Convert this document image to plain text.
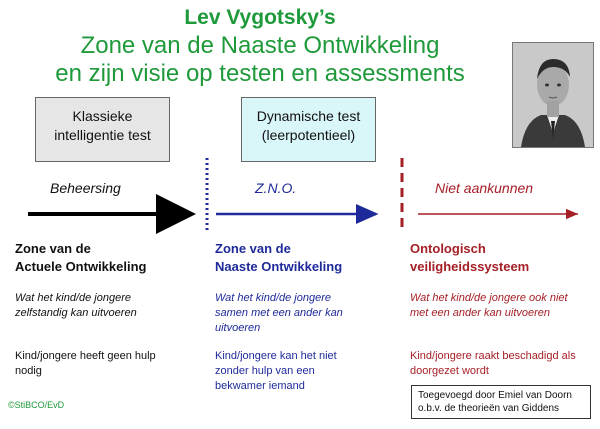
Lev Vygotsky’s
Zone van de Naaste Ontwikkeling
en zijn visie op testen en assessments
Klassieke intelligentie test
Dynamische test (leerpotentieel)
Beheersing	Z.N.O.	Niet aankunnen
Zone van de
Actuele Ontwikkeling
Wat het kind/de jongere
zelfstandig kan uitvoeren
Kind/jongere heeft geen hulp
nodig
Zone van de
Naaste Ontwikkeling
Wat het kind/de jongere
samen met een ander kan
uitvoeren
Kind/jongere kan het niet
zonder hulp van een
bekwamer iemand
Ontologisch
veiligheidssysteem
Wat het kind/de jongere ook niet
met een ander kan uitvoeren
Kind/jongere raakt beschadigd als
doorgezet wordt
Toegevoegd door Emiel van Doorn
o.b.v. de theorieën van Giddens
©StiBCO/EvD
